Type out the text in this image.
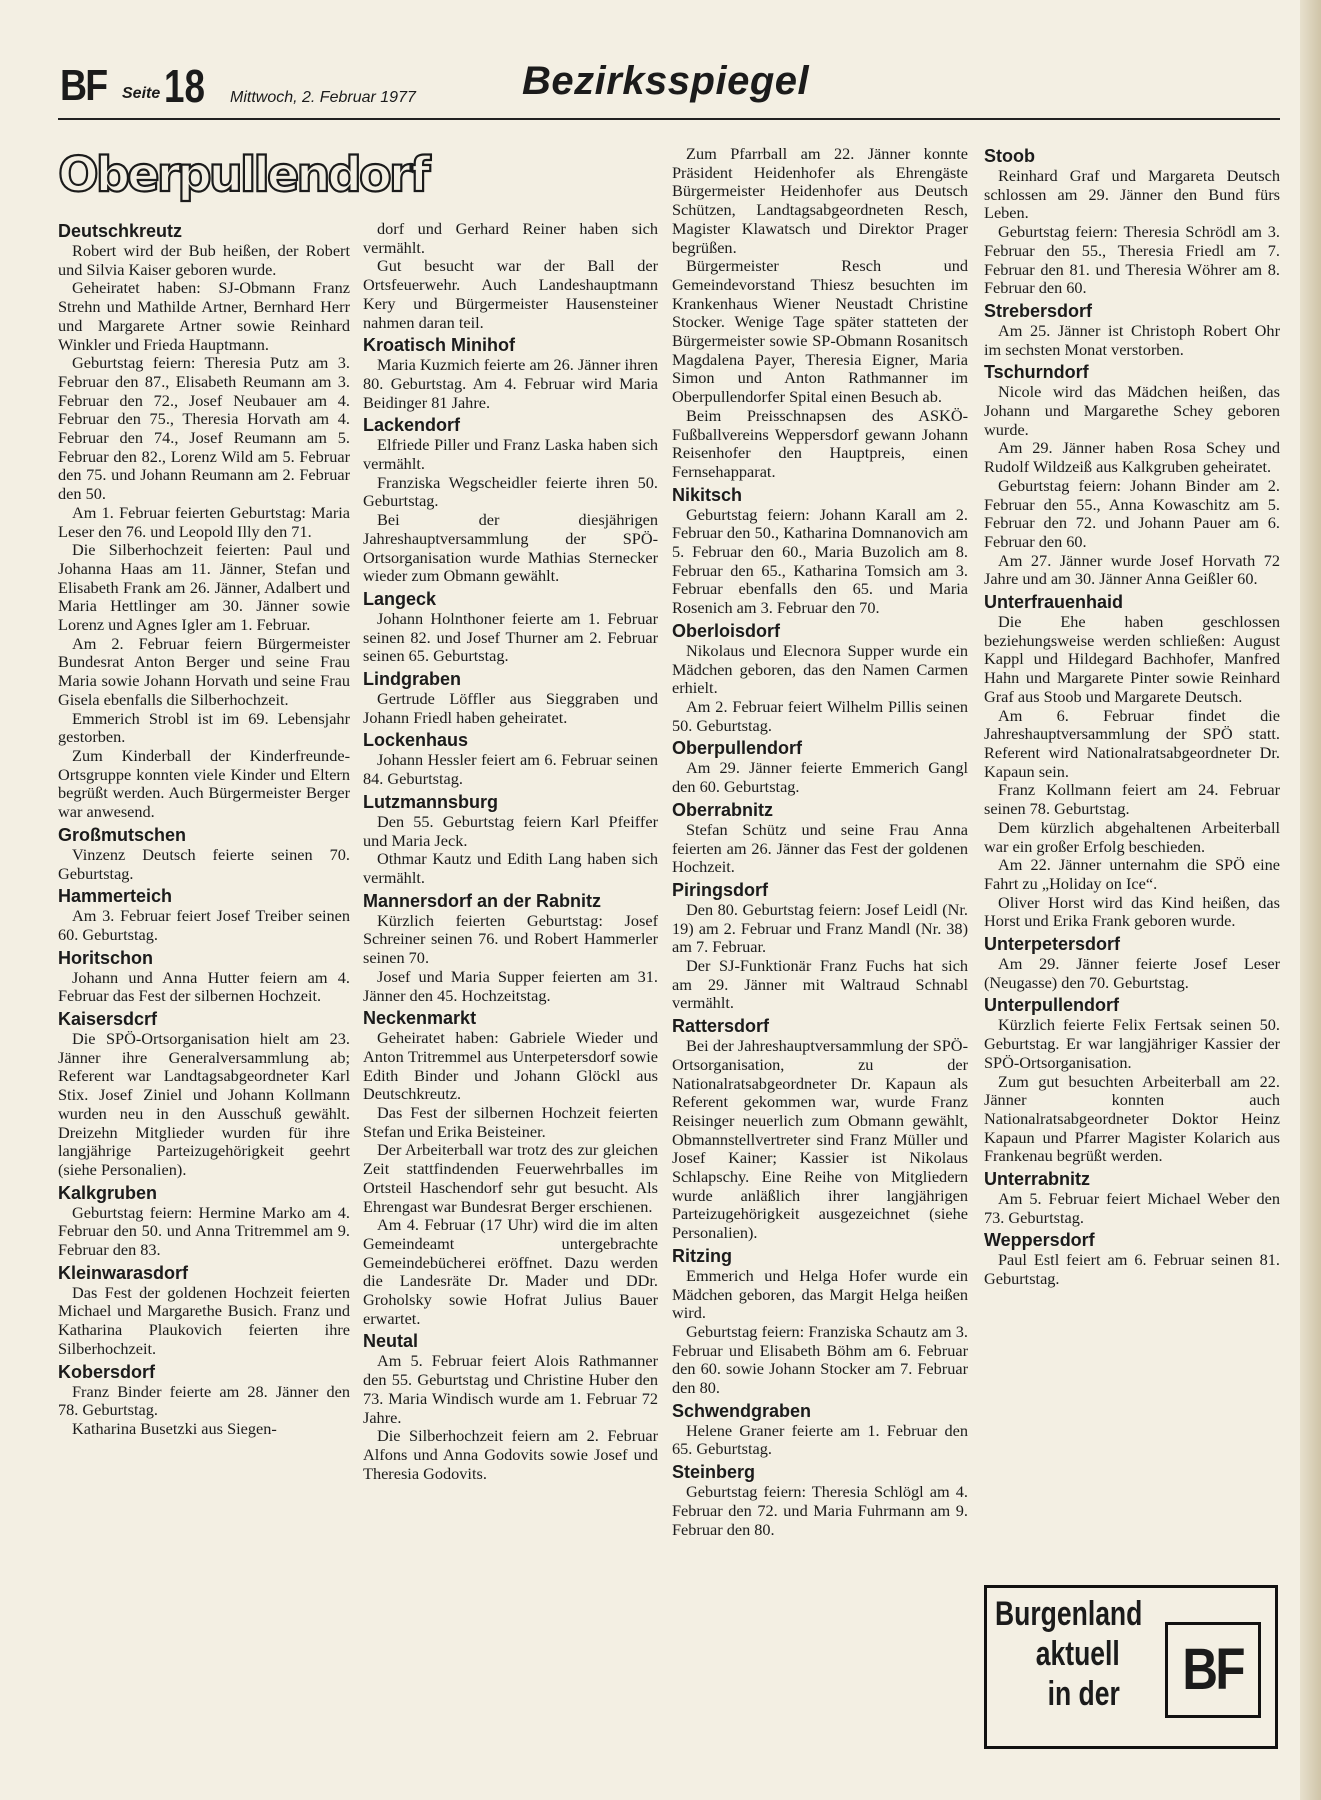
BF Seite 18 Mittwoch, 2. Februar 1977	Bezirksspiegel
Oberpullendorf
Deutschkreutz

Robert wird der Bub heißen, der Robert und Silvia Kaiser geboren wurde.

Geheiratet haben: SJ-Obmann Franz Strehn und Mathilde Artner, Bernhard Herr und Margarete Artner sowie Reinhard Winkler und Frieda Hauptmann.

Geburtstag feiern: Theresia Putz am 3. Februar den 87., Elisabeth Reumann am 3. Februar den 72., Josef Neubauer am 4. Februar den 75., Theresia Horvath am 4. Februar den 74., Josef Reumann am 5. Februar den 82., Lorenz Wild am 5. Februar den 75. und Johann Reumann am 2. Februar den 50.

Am 1. Februar feierten Geburtstag: Maria Leser den 76. und Leopold Illy den 71.

Die Silberhochzeit feierten: Paul und Johanna Haas am 11. Jänner, Stefan und Elisabeth Frank am 26. Jänner, Adalbert und Maria Hettlinger am 30. Jänner sowie Lorenz und Agnes Igler am 1. Februar.

Am 2. Februar feiern Bürgermeister Bundesrat Anton Berger und seine Frau Maria sowie Johann Horvath und seine Frau Gisela ebenfalls die Silberhochzeit.

Emmerich Strobl ist im 69. Lebensjahr gestorben.

Zum Kinderball der Kinderfreunde-Ortsgruppe konnten viele Kinder und Eltern begrüßt werden. Auch Bürgermeister Berger war anwesend.

Großmutschen

Vinzenz Deutsch feierte seinen 70. Geburtstag.

Hammerteich

Am 3. Februar feiert Josef Treiber seinen 60. Geburtstag.

Horitschon

Johann und Anna Hutter feiern am 4. Februar das Fest der silbernen Hochzeit.

Kaisersdcrf

Die SPÖ-Ortsorganisation hielt am 23. Jänner ihre Generalversammlung ab; Referent war Landtagsabgeordneter Karl Stix. Josef Ziniel und Johann Kollmann wurden neu in den Ausschuß gewählt. Dreizehn Mitglieder wurden für ihre langjährige Parteizugehörigkeit geehrt (siehe Personalien).

Kalkgruben

Geburtstag feiern: Hermine Marko am 4. Februar den 50. und Anna Tritremmel am 9. Februar den 83.

Kleinwarasdorf

Das Fest der goldenen Hochzeit feierten Michael und Margarethe Busich. Franz und Katharina Plaukovich feierten ihre Silberhochzeit.

Kobersdorf

Franz Binder feierte am 28. Jänner den 78. Geburtstag.

Katharina Busetzki aus Siegen-

dorf und Gerhard Reiner haben sich vermählt.

Gut besucht war der Ball der Ortsfeuerwehr. Auch Landeshauptmann Kery und Bürgermeister Hausensteiner nahmen daran teil.

Kroatisch Minihof

Maria Kuzmich feierte am 26. Jänner ihren 80. Geburtstag. Am 4. Februar wird Maria Beidinger 81 Jahre.

Lackendorf

Elfriede Piller und Franz Laska haben sich vermählt.

Franziska Wegscheidler feierte ihren 50. Geburtstag.

Bei der diesjährigen Jahreshauptversammlung der SPÖ-Ortsorganisation wurde Mathias Sternecker wieder zum Obmann gewählt.

Langeck

Johann Holnthoner feierte am 1. Februar seinen 82. und Josef Thurner am 2. Februar seinen 65. Geburtstag.

Lindgraben

Gertrude Löffler aus Sieggraben und Johann Friedl haben geheiratet.

Lockenhaus

Johann Hessler feiert am 6. Februar seinen 84. Geburtstag.

Lutzmannsburg

Den 55. Geburtstag feiern Karl Pfeiffer und Maria Jeck.

Othmar Kautz und Edith Lang haben sich vermählt.

Mannersdorf an der Rabnitz

Kürzlich feierten Geburtstag: Josef Schreiner seinen 76. und Robert Hammerler seinen 70.

Josef und Maria Supper feierten am 31. Jänner den 45. Hochzeitstag.

Neckenmarkt

Geheiratet haben: Gabriele Wieder und Anton Tritremmel aus Unterpetersdorf sowie Edith Binder und Johann Glöckl aus Deutschkreutz.

Das Fest der silbernen Hochzeit feierten Stefan und Erika Beisteiner.

Der Arbeiterball war trotz des zur gleichen Zeit stattfindenden Feuerwehrballes im Ortsteil Haschendorf sehr gut besucht. Als Ehrengast war Bundesrat Berger erschienen.

Am 4. Februar (17 Uhr) wird die im alten Gemeindeamt untergebrachte Gemeindebücherei eröffnet. Dazu werden die Landesräte Dr. Mader und DDr. Groholsky sowie Hofrat Julius Bauer erwartet.

Neutal

Am 5. Februar feiert Alois Rathmanner den 55. Geburtstag und Christine Huber den 73. Maria Windisch wurde am 1. Februar 72 Jahre.

Die Silberhochzeit feiern am 2. Februar Alfons und Anna Godovits sowie Josef und Theresia Godovits.

Zum Pfarrball am 22. Jänner konnte Präsident Heidenhofer als Ehrengäste Bürgermeister Heidenhofer aus Deutsch Schützen, Landtagsabgeordneten Resch, Magister Klawatsch und Direktor Prager begrüßen.

Bürgermeister Resch und Gemeindevorstand Thiesz besuchten im Krankenhaus Wiener Neustadt Christine Stocker. Wenige Tage später statteten der Bürgermeister sowie SP-Obmann Rosanitsch Magdalena Payer, Theresia Eigner, Maria Simon und Anton Rathmanner im Oberpullendorfer Spital einen Besuch ab.

Beim Preisschnapsen des ASKÖ-Fußballvereins Weppersdorf gewann Johann Reisenhofer den Hauptpreis, einen Fernsehapparat.

Nikitsch

Geburtstag feiern: Johann Karall am 2. Februar den 50., Katharina Domnanovich am 5. Februar den 60., Maria Buzolich am 8. Februar den 65., Katharina Tomsich am 3. Februar ebenfalls den 65. und Maria Rosenich am 3. Februar den 70.

Oberloisdorf

Nikolaus und Elecnora Supper wurde ein Mädchen geboren, das den Namen Carmen erhielt.

Am 2. Februar feiert Wilhelm Pillis seinen 50. Geburtstag.

Oberpullendorf

Am 29. Jänner feierte Emmerich Gangl den 60. Geburtstag.

Oberrabnitz

Stefan Schütz und seine Frau Anna feierten am 26. Jänner das Fest der goldenen Hochzeit.

Piringsdorf

Den 80. Geburtstag feiern: Josef Leidl (Nr. 19) am 2. Februar und Franz Mandl (Nr. 38) am 7. Februar.

Der SJ-Funktionär Franz Fuchs hat sich am 29. Jänner mit Waltraud Schnabl vermählt.

Rattersdorf

Bei der Jahreshauptversammlung der SPÖ-Ortsorganisation, zu der Nationalratsabgeordneter Dr. Kapaun als Referent gekommen war, wurde Franz Reisinger neuerlich zum Obmann gewählt, Obmannstellvertreter sind Franz Müller und Josef Kainer; Kassier ist Nikolaus Schlapschy. Eine Reihe von Mitgliedern wurde anläßlich ihrer langjährigen Parteizugehörigkeit ausgezeichnet (siehe Personalien).

Ritzing

Emmerich und Helga Hofer wurde ein Mädchen geboren, das Margit Helga heißen wird.

Geburtstag feiern: Franziska Schautz am 3. Februar und Elisabeth Böhm am 6. Februar den 60. sowie Johann Stocker am 7. Februar den 80.

Schwendgraben

Helene Graner feierte am 1. Februar den 65. Geburtstag.

Steinberg

Geburtstag feiern: Theresia Schlögl am 4. Februar den 72. und Maria Fuhrmann am 9. Februar den 80.

Stoob

Reinhard Graf und Margareta Deutsch schlossen am 29. Jänner den Bund fürs Leben.

Geburtstag feiern: Theresia Schrödl am 3. Februar den 55., Theresia Friedl am 7. Februar den 81. und Theresia Wöhrer am 8. Februar den 60.

Strebersdorf

Am 25. Jänner ist Christoph Robert Ohr im sechsten Monat verstorben.

Tschurndorf

Nicole wird das Mädchen heißen, das Johann und Margarethe Schey geboren wurde.

Am 29. Jänner haben Rosa Schey und Rudolf Wildzeiß aus Kalkgruben geheiratet.

Geburtstag feiern: Johann Binder am 2. Februar den 55., Anna Kowaschitz am 5. Februar den 72. und Johann Pauer am 6. Februar den 60.

Am 27. Jänner wurde Josef Horvath 72 Jahre und am 30. Jänner Anna Geißler 60.

Unterfrauenhaid

Die Ehe haben geschlossen beziehungsweise werden schließen: August Kappl und Hildegard Bachhofer, Manfred Hahn und Margarete Pinter sowie Reinhard Graf aus Stoob und Margarete Deutsch.

Am 6. Februar findet die Jahreshauptversammlung der SPÖ statt. Referent wird Nationalratsabgeordneter Dr. Kapaun sein.

Franz Kollmann feiert am 24. Februar seinen 78. Geburtstag.

Dem kürzlich abgehaltenen Arbeiterball war ein großer Erfolg beschieden.

Am 22. Jänner unternahm die SPÖ eine Fahrt zu „Holiday on Ice“.

Oliver Horst wird das Kind heißen, das Horst und Erika Frank geboren wurde.

Unterpetersdorf

Am 29. Jänner feierte Josef Leser (Neugasse) den 70. Geburtstag.

Unterpullendorf

Kürzlich feierte Felix Fertsak seinen 50. Geburtstag. Er war langjähriger Kassier der SPÖ-Ortsorganisation.

Zum gut besuchten Arbeiterball am 22. Jänner konnten auch Nationalratsabgeordneter Doktor Heinz Kapaun und Pfarrer Magister Kolarich aus Frankenau begrüßt werden.

Unterrabnitz

Am 5. Februar feiert Michael Weber den 73. Geburtstag.

Weppersdorf

Paul Estl feiert am 6. Februar seinen 81. Geburtstag.

Burgenland
aktuell
in der BF
